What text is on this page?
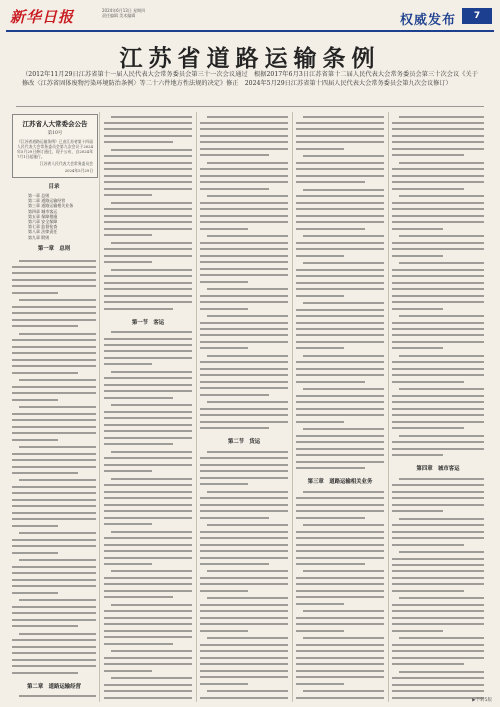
新华日报	2024年6月13日 星期四
责任编辑 美术编辑	权威发布	7
江苏省道路运输条例
（2012年11月29日江苏省第十一届人民代表大会常务委员会第三十一次会议通过　根据2017年6月3日江苏省第十二届人民代表大会常务委员会第三十次会议《关于修改〈江苏省固体废物污染环境防治条例〉等二十六件地方性法规的决定》修正　2024年5月29日江苏省第十四届人民代表大会常务委员会第九次会议修订）
江苏省人大常委会公告
第10号
《江苏省道路运输条例》已由江苏省第十四届人民代表大会常务委员会第九次会议于2024年5月29日修订通过，现予公布，自2024年7月1日起施行。
江苏省人民代表大会常务委员会
2024年5月29日
目录
第一章 总则
第二章 道路运输经营
第三章 道路运输相关业务
第四章 城市客运
第五章 保障措施
第六章 安全保障
第七章 监督检查
第八章 法律责任
第九章 附则
第一章　总则
第二章　道路运输经营
第一节　客运
第二节　货运
第三章　道路运输相关业务
第四章　城市客运
▶下转5版
